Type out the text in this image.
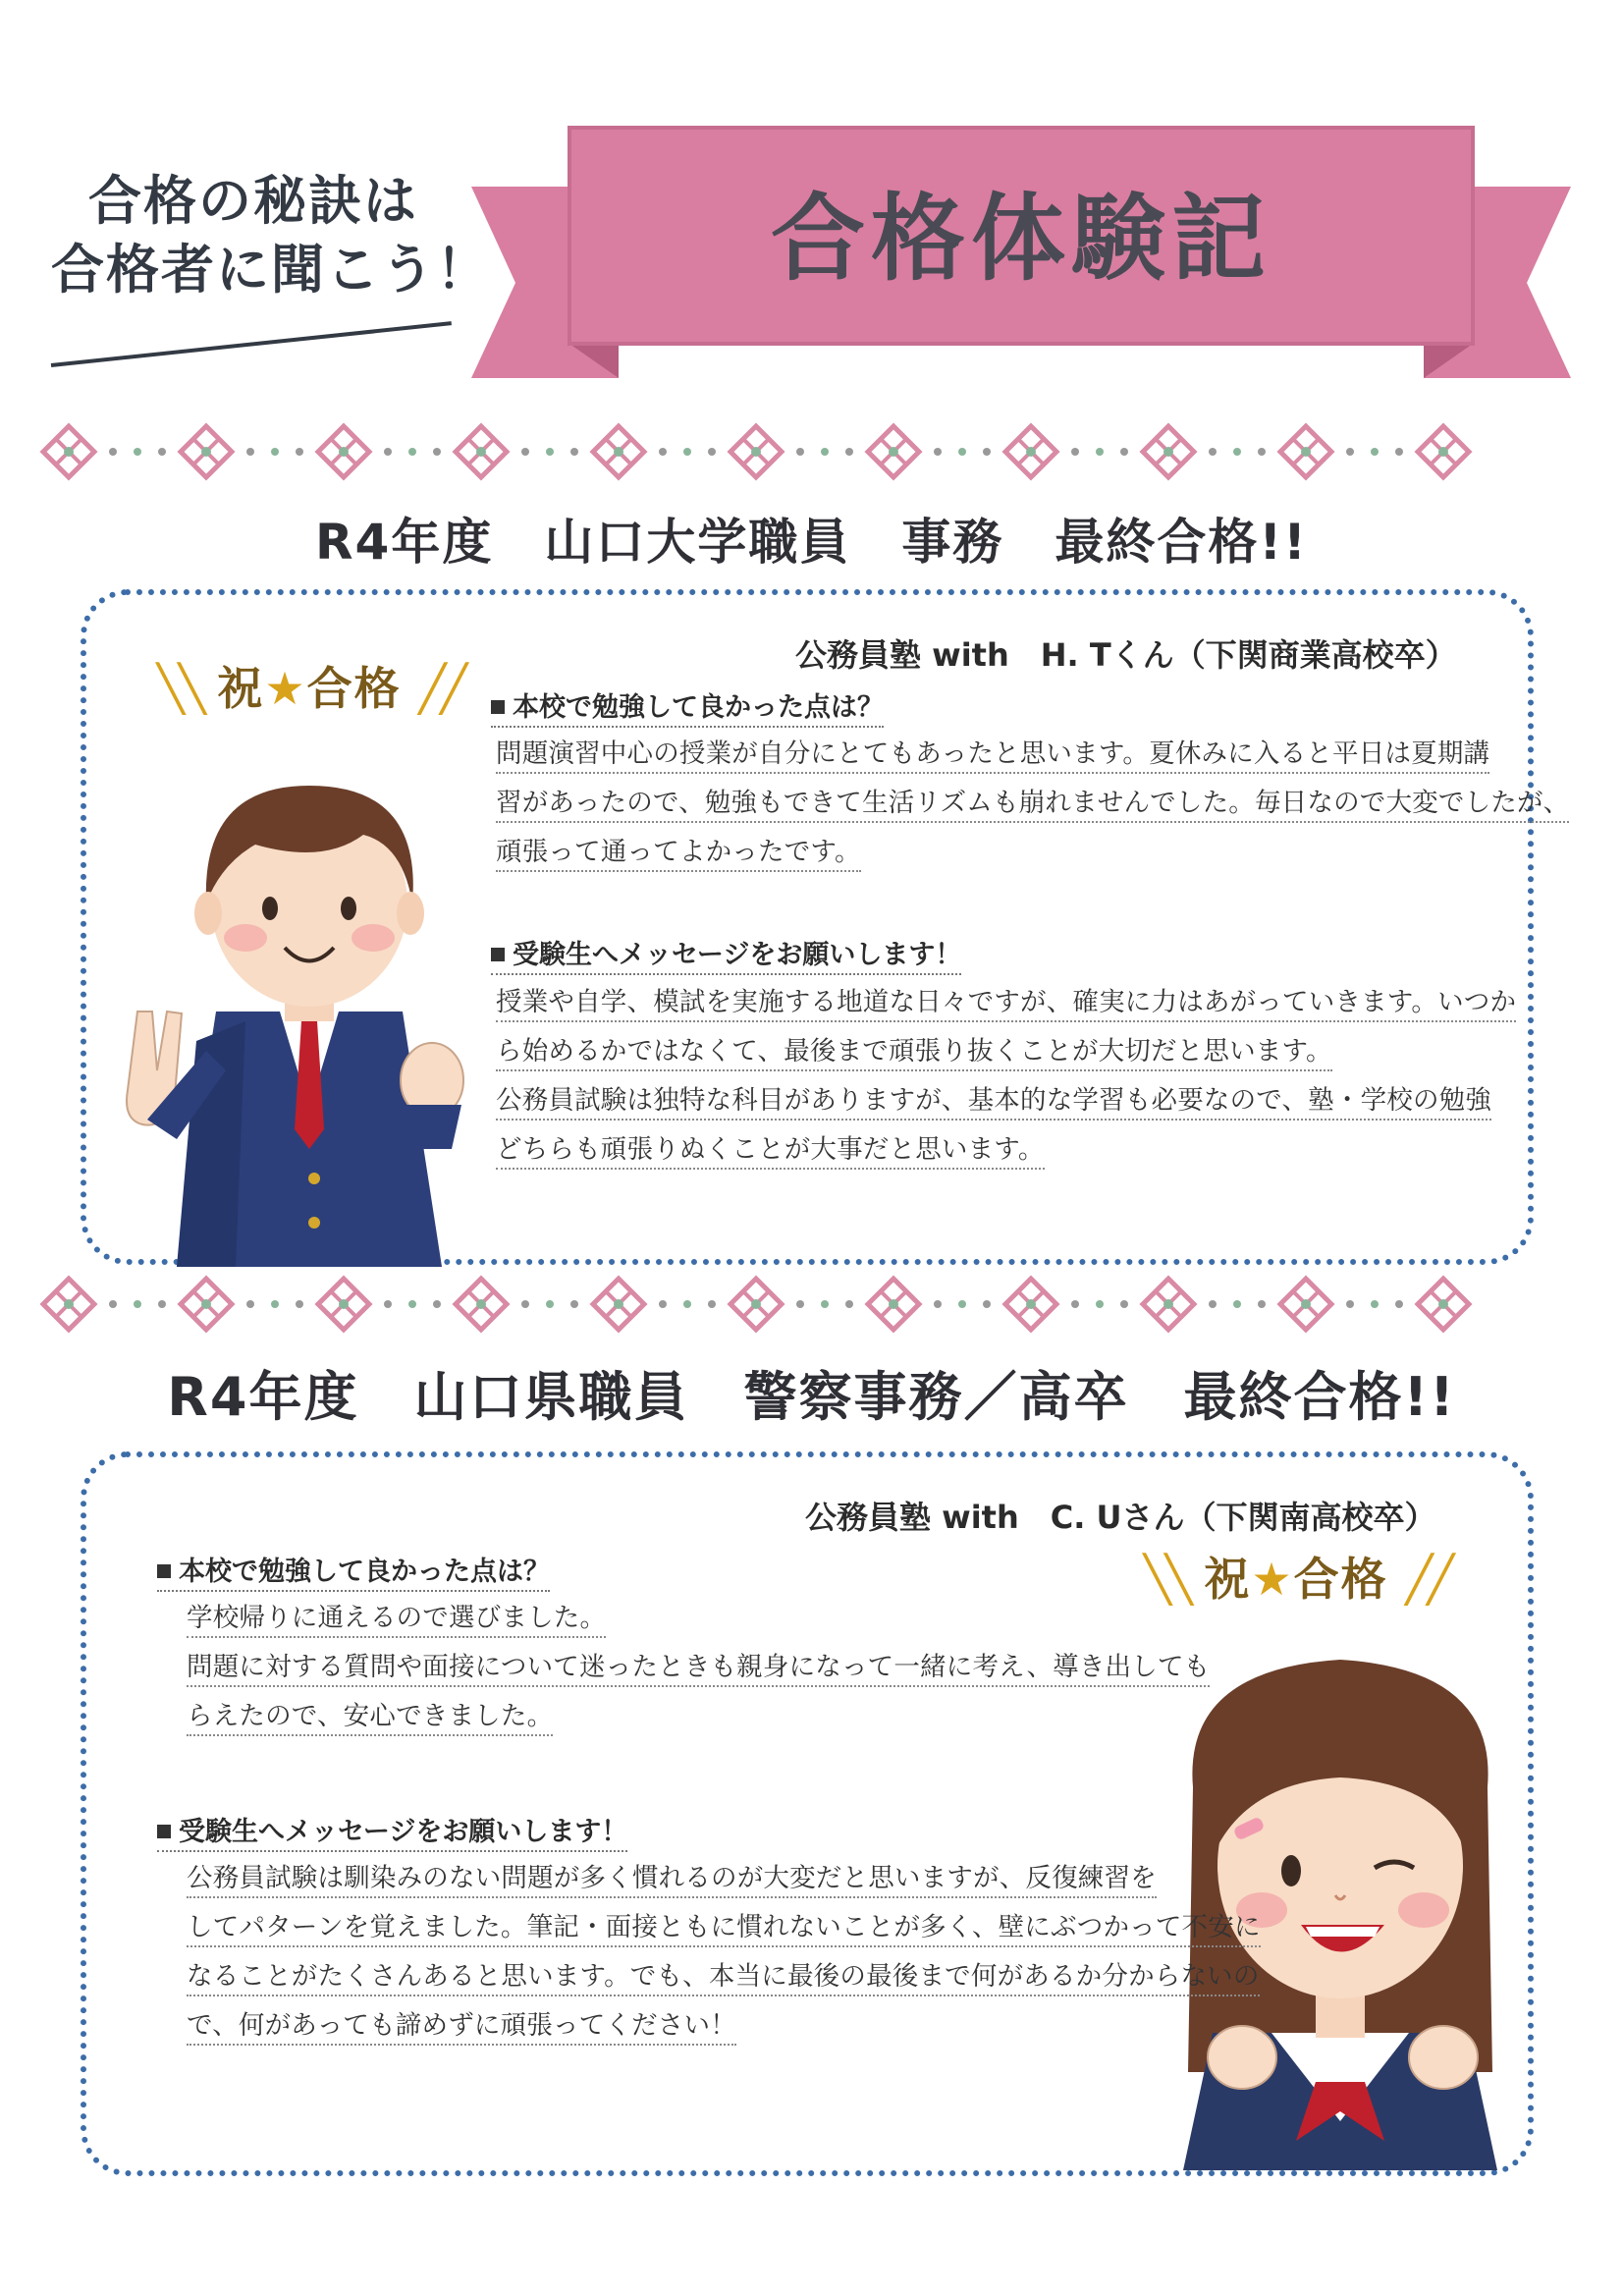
合格の秘訣は
合格者に聞こう！	合格体験記
R4年度　山口大学職員　事務　最終合格!!
公務員塾 with　H. Tくん（下関商業高校卒）
╲╲ 祝★合格 ╱╱	本校で勉強して良かった点は？
問題演習中心の授業が自分にとてもあったと思います。夏休みに入ると平日は夏期講
習があったので、勉強もできて生活リズムも崩れませんでした。毎日なので大変でしたが、
頑張って通ってよかったです。
受験生へメッセージをお願いします！
授業や自学、模試を実施する地道な日々ですが、確実に力はあがっていきます。いつか
ら始めるかではなくて、最後まで頑張り抜くことが大切だと思います。
公務員試験は独特な科目がありますが、基本的な学習も必要なので、塾・学校の勉強
どちらも頑張りぬくことが大事だと思います。
R4年度　山口県職員　警察事務／高卒　最終合格!!
公務員塾 with　C. Uさん（下関南高校卒）
╲╲ 祝★合格 ╱╱
本校で勉強して良かった点は？
学校帰りに通えるので選びました。
問題に対する質問や面接について迷ったときも親身になって一緒に考え、導き出しても
らえたので、安心できました。
受験生へメッセージをお願いします！
公務員試験は馴染みのない問題が多く慣れるのが大変だと思いますが、反復練習を
してパターンを覚えました。筆記・面接ともに慣れないことが多く、壁にぶつかって不安に
なることがたくさんあると思います。でも、本当に最後の最後まで何があるか分からないの
で、何があっても諦めずに頑張ってください！
